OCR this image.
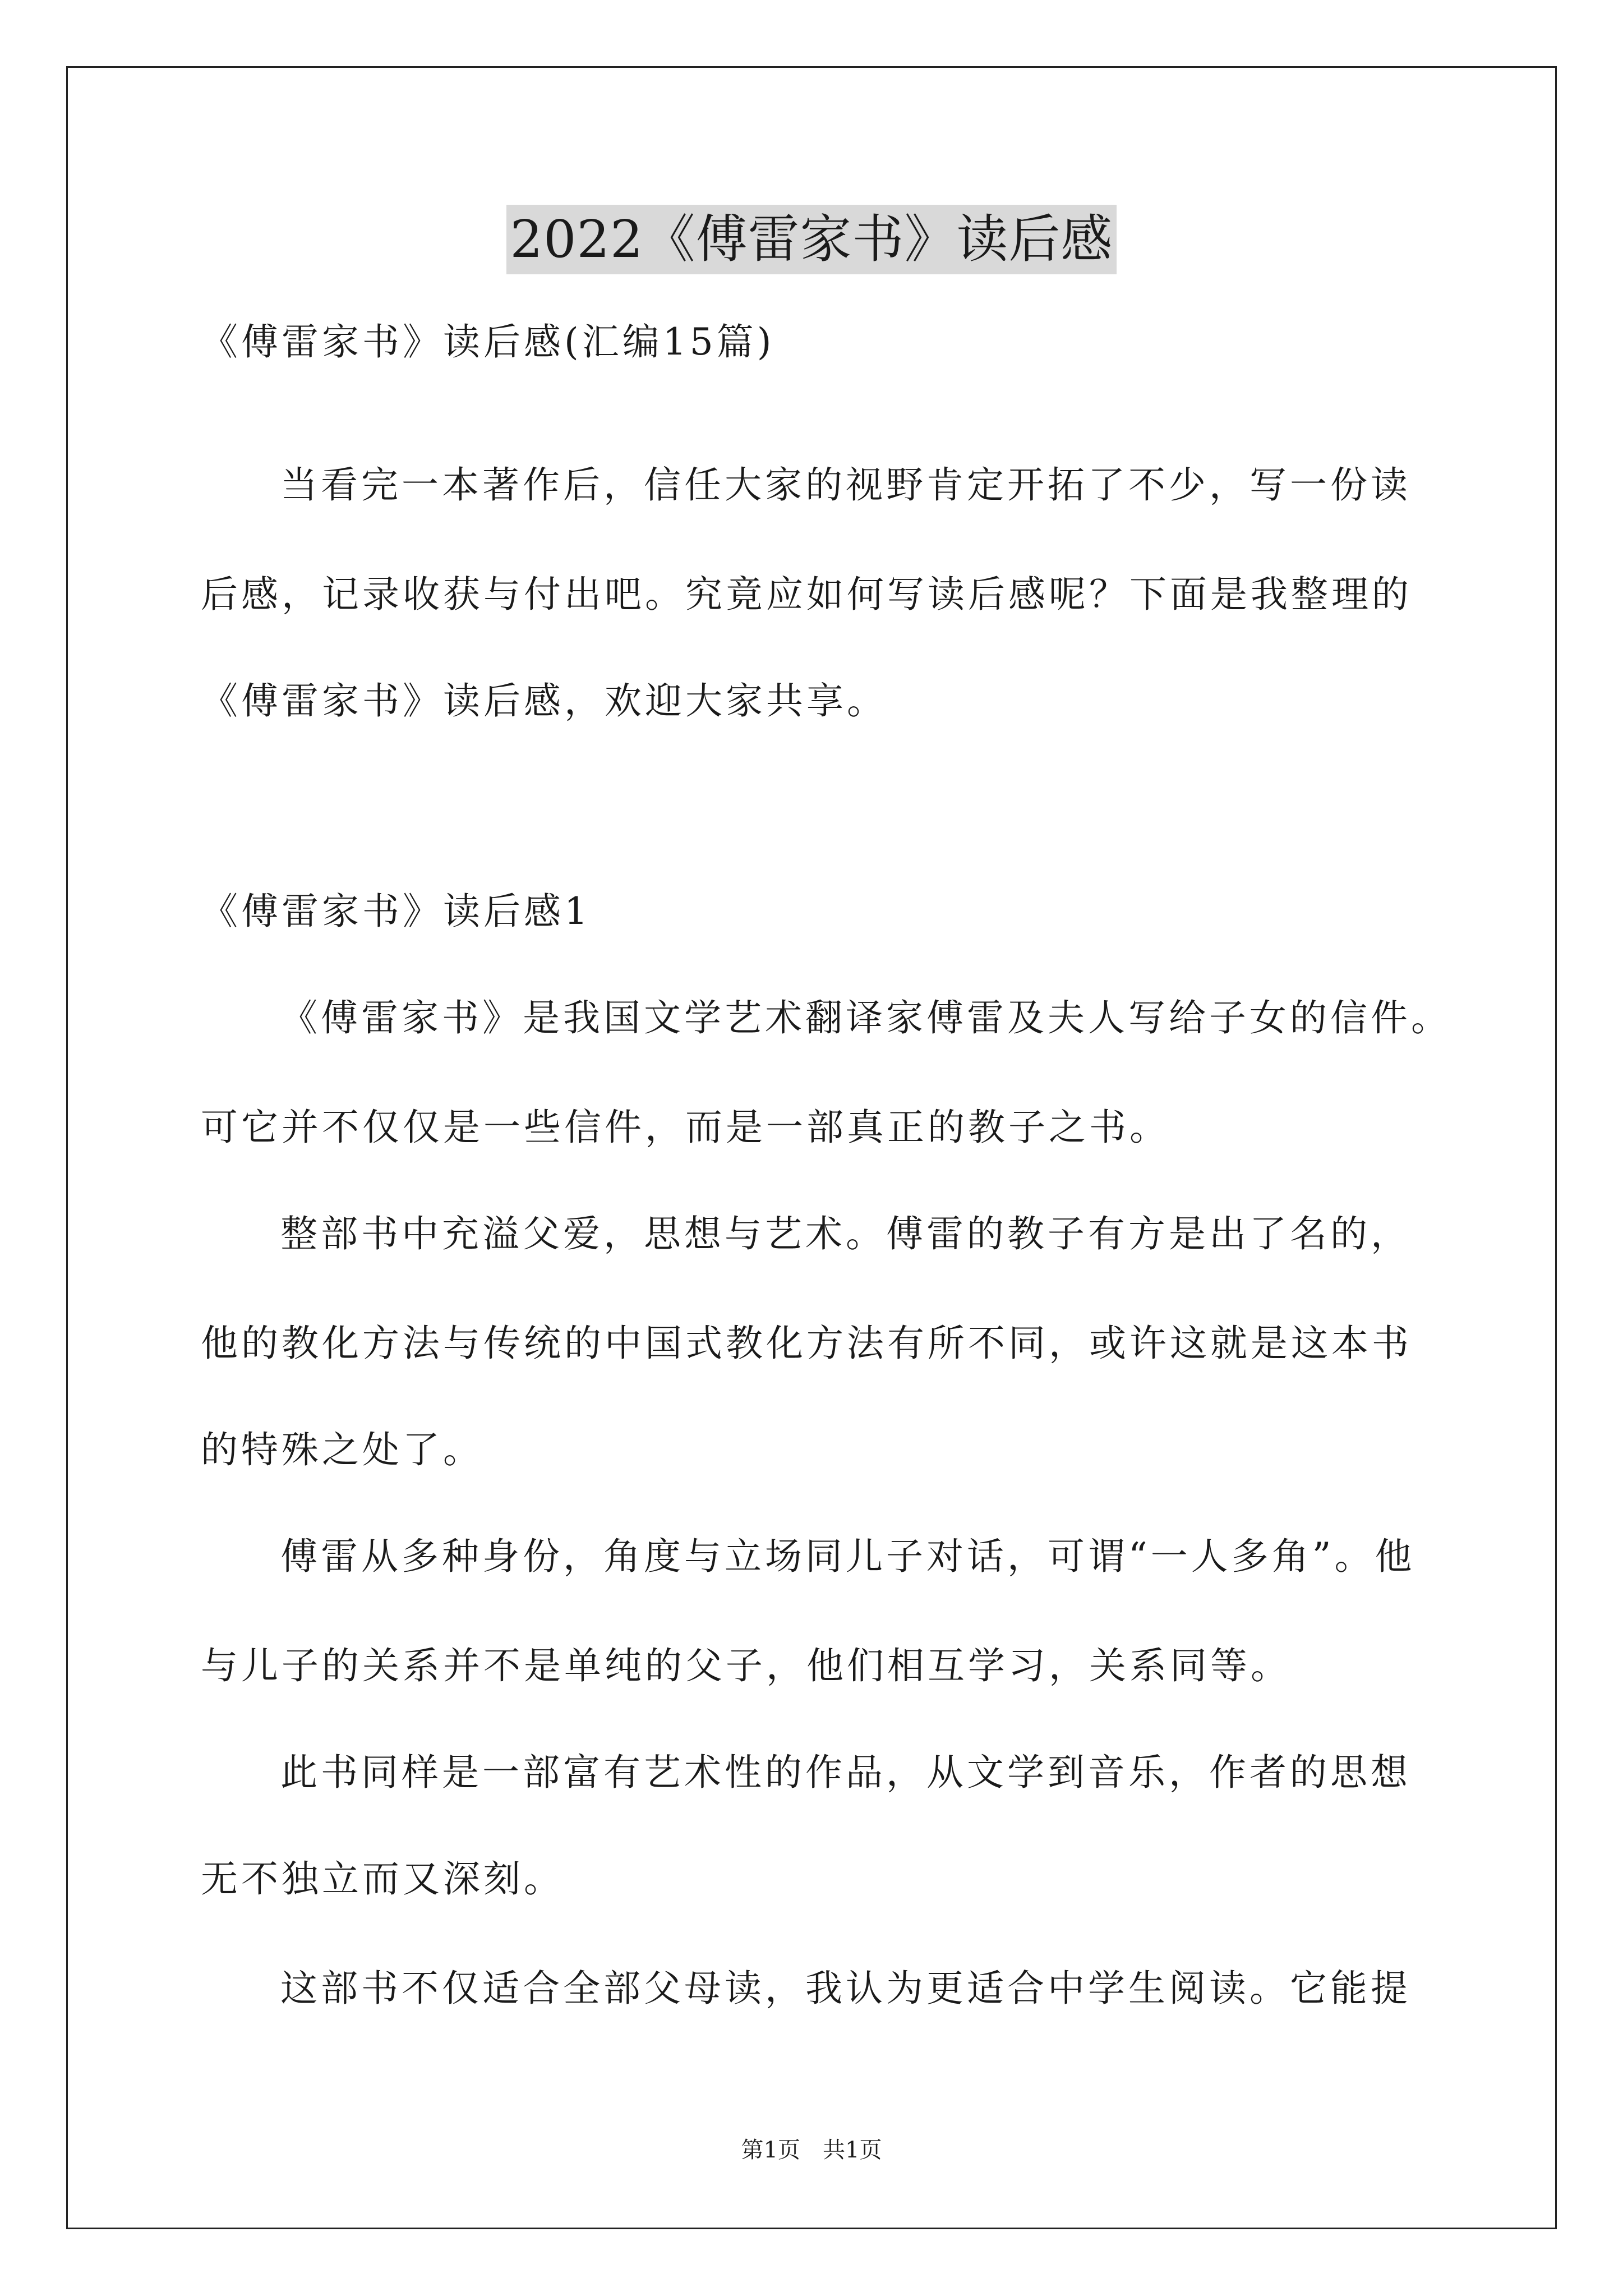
2022《傅雷家书》读后感
《傅雷家书》读后感(汇编15篇)
当看完一本著作后，信任大家的视野肯定开拓了不少，写一份读
后感，记录收获与付出吧。究竟应如何写读后感呢？下面是我整理的
《傅雷家书》读后感，欢迎大家共享。
《傅雷家书》读后感1
《傅雷家书》是我国文学艺术翻译家傅雷及夫人写给子女的信件。
可它并不仅仅是一些信件，而是一部真正的教子之书。
整部书中充溢父爱，思想与艺术。傅雷的教子有方是出了名的，
他的教化方法与传统的中国式教化方法有所不同，或许这就是这本书
的特殊之处了。
傅雷从多种身份，角度与立场同儿子对话，可谓“一人多角”。他
与儿子的关系并不是单纯的父子，他们相互学习，关系同等。
此书同样是一部富有艺术性的作品，从文学到音乐，作者的思想
无不独立而又深刻。
这部书不仅适合全部父母读，我认为更适合中学生阅读。它能提
第1页　共1页
